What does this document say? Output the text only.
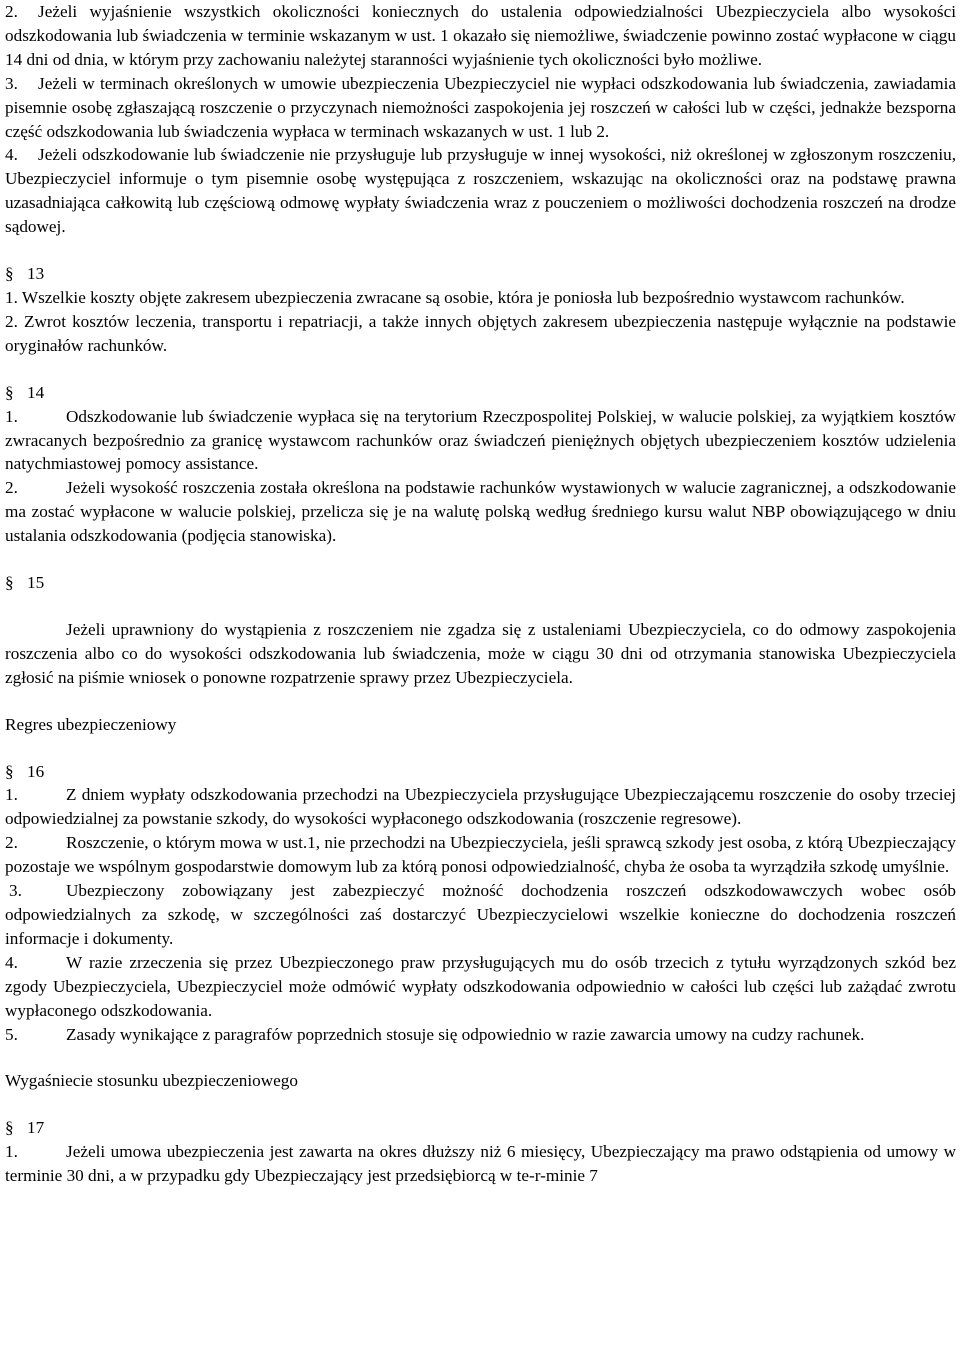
2. Jeżeli wyjaśnienie wszystkich okoliczności koniecznych do ustalenia odpowiedzialności Ubezpieczyciela albo wysokości odszkodowania lub świadczenia w terminie wskazanym w ust. 1 okazało się niemożliwe, świadczenie powinno zostać wypłacone w ciągu 14 dni od dnia, w którym przy zachowaniu należytej staranności wyjaśnienie tych okoliczności było możliwe.

3. Jeżeli w terminach określonych w umowie ubezpieczenia Ubezpieczyciel nie wypłaci odszkodowania lub świadczenia, zawiadamia pisemnie osobę zgłaszającą roszczenie o przyczynach niemożności zaspokojenia jej roszczeń w całości lub w części, jednakże bezsporna część odszkodowania lub świadczenia wypłaca w terminach wskazanych w ust. 1 lub 2.

4. Jeżeli odszkodowanie lub świadczenie nie przysługuje lub przysługuje w innej wysokości, niż określonej w zgłoszonym roszczeniu, Ubezpieczyciel informuje o tym pisemnie osobę występująca z roszczeniem, wskazując na okoliczności oraz na podstawę prawna uzasadniająca całkowitą lub częściową odmowę wypłaty świadczenia wraz z pouczeniem o możliwości dochodzenia roszczeń na drodze sądowej.

§ 13

1. Wszelkie koszty objęte zakresem ubezpieczenia zwracane są osobie, która je poniosła lub bezpośrednio wystawcom rachunków.

2. Zwrot kosztów leczenia, transportu i repatriacji, a także innych objętych zakresem ubezpieczenia następuje wyłącznie na podstawie oryginałów rachunków.

§ 14

1.	Odszkodowanie lub świadczenie wypłaca się na terytorium Rzeczpospolitej Polskiej, w walucie polskiej, za wyjątkiem kosztów zwracanych bezpośrednio za granicę wystawcom rachunków oraz świadczeń pieniężnych objętych ubezpieczeniem kosztów udzielenia natychmiastowej pomocy assistance.

2.	Jeżeli wysokość roszczenia została określona na podstawie rachunków wystawionych w walucie zagranicznej, a odszkodowanie ma zostać wypłacone w walucie polskiej, przelicza się je na walutę polską według średniego kursu walut NBP obowiązującego w dniu ustalania odszkodowania (podjęcia stanowiska).

§ 15

Jeżeli uprawniony do wystąpienia z roszczeniem nie zgadza się z ustaleniami Ubezpieczyciela, co do odmowy zaspokojenia roszczenia albo co do wysokości odszkodowania lub świadczenia, może w ciągu 30 dni od otrzymania stanowiska Ubezpieczyciela zgłosić na piśmie wniosek o ponowne rozpatrzenie sprawy przez Ubezpieczyciela.

Regres ubezpieczeniowy

§ 16

1.	Z dniem wypłaty odszkodowania przechodzi na Ubezpieczyciela przysługujące Ubezpieczającemu roszczenie do osoby trzeciej odpowiedzialnej za powstanie szkody, do wysokości wypłaconego odszkodowania (roszczenie regresowe).

2.	Roszczenie, o którym mowa w ust.1, nie przechodzi na Ubezpieczyciela, jeśli sprawcą szkody jest osoba, z którą Ubezpieczający pozostaje we wspólnym gospodarstwie domowym lub za którą ponosi odpowiedzialność, chyba że osoba ta wyrządziła szkodę umyślnie.

3.	Ubezpieczony zobowiązany jest zabezpieczyć możność dochodzenia roszczeń odszkodowawczych wobec osób odpowiedzialnych za szkodę, w szczególności zaś dostarczyć Ubezpieczycielowi wszelkie konieczne do dochodzenia roszczeń informacje i dokumenty.

4.	W razie zrzeczenia się przez Ubezpieczonego praw przysługujących mu do osób trzecich z tytułu wyrządzonych szkód bez zgody Ubezpieczyciela, Ubezpieczyciel może odmówić wypłaty odszkodowania odpowiednio w całości lub części lub zażądać zwrotu wypłaconego odszkodowania.

5.	Zasady wynikające z paragrafów poprzednich stosuje się odpowiednio w razie zawarcia umowy na cudzy rachunek.

Wygaśniecie stosunku ubezpieczeniowego

§ 17

1.	Jeżeli umowa ubezpieczenia jest zawarta na okres dłuższy niż 6 miesięcy, Ubezpieczający ma prawo odstąpienia od umowy w terminie 30 dni, a w przypadku gdy Ubezpieczający jest przedsiębiorcą w te-r-minie 7
